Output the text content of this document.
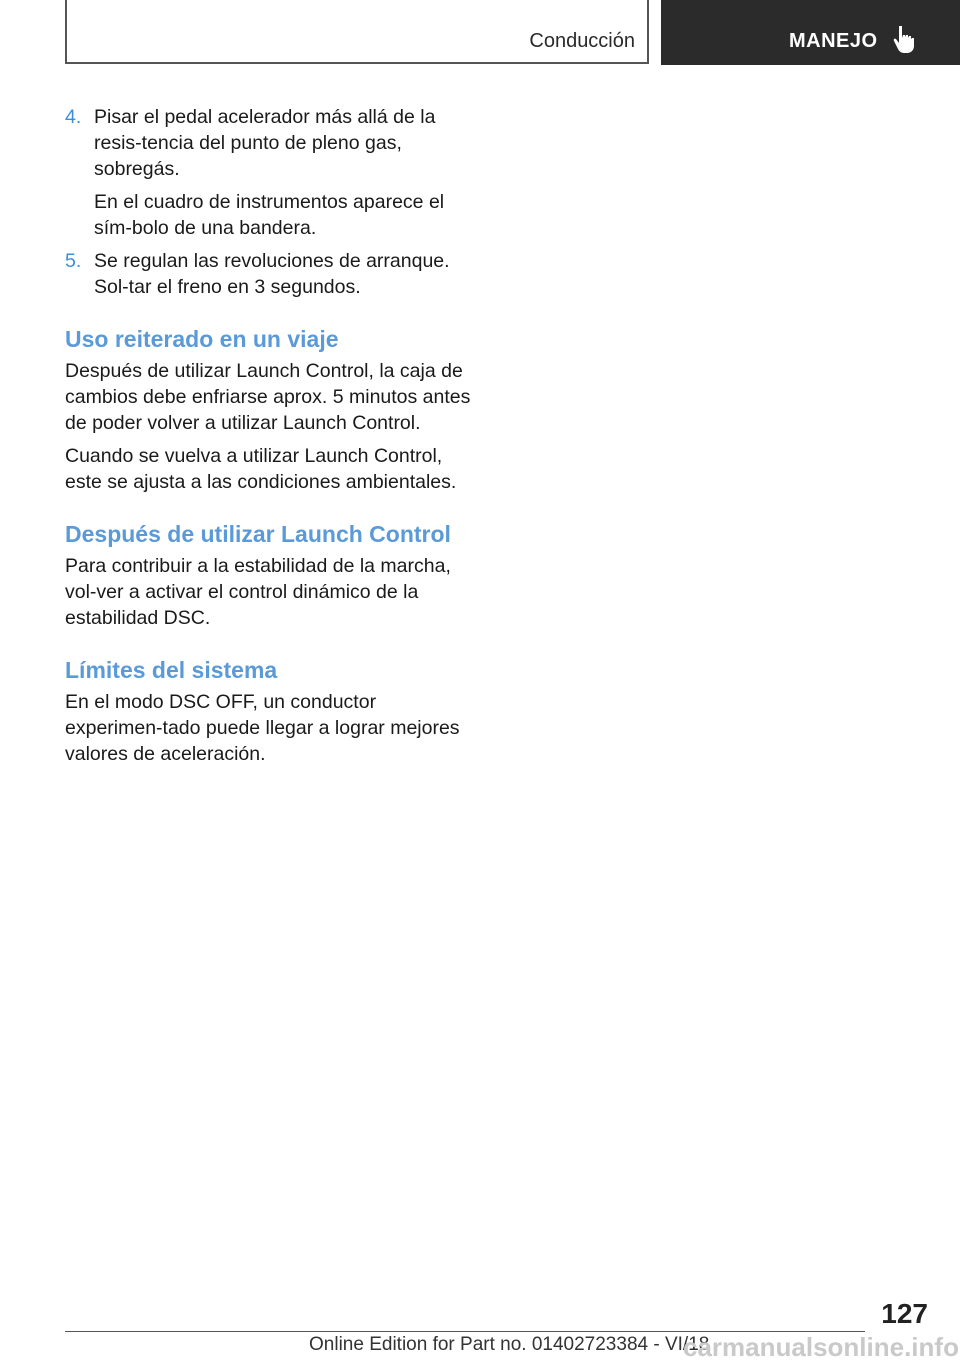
Conducción	MANEJO
4. Pisar el pedal acelerador más allá de la resis-tencia del punto de pleno gas, sobregás.

En el cuadro de instrumentos aparece el sím-bolo de una bandera.

5. Se regulan las revoluciones de arranque. Sol-tar el freno en 3 segundos.

Uso reiterado en un viaje

Después de utilizar Launch Control, la caja de cambios debe enfriarse aprox. 5 minutos antes de poder volver a utilizar Launch Control.

Cuando se vuelva a utilizar Launch Control, este se ajusta a las condiciones ambientales.

Después de utilizar Launch Control

Para contribuir a la estabilidad de la marcha, vol-ver a activar el control dinámico de la estabilidad DSC.

Límites del sistema

En el modo DSC OFF, un conductor experimen-tado puede llegar a lograr mejores valores de aceleración.

127
Online Edition for Part no. 01402723384 - VI/18
carmanualsonline.info
